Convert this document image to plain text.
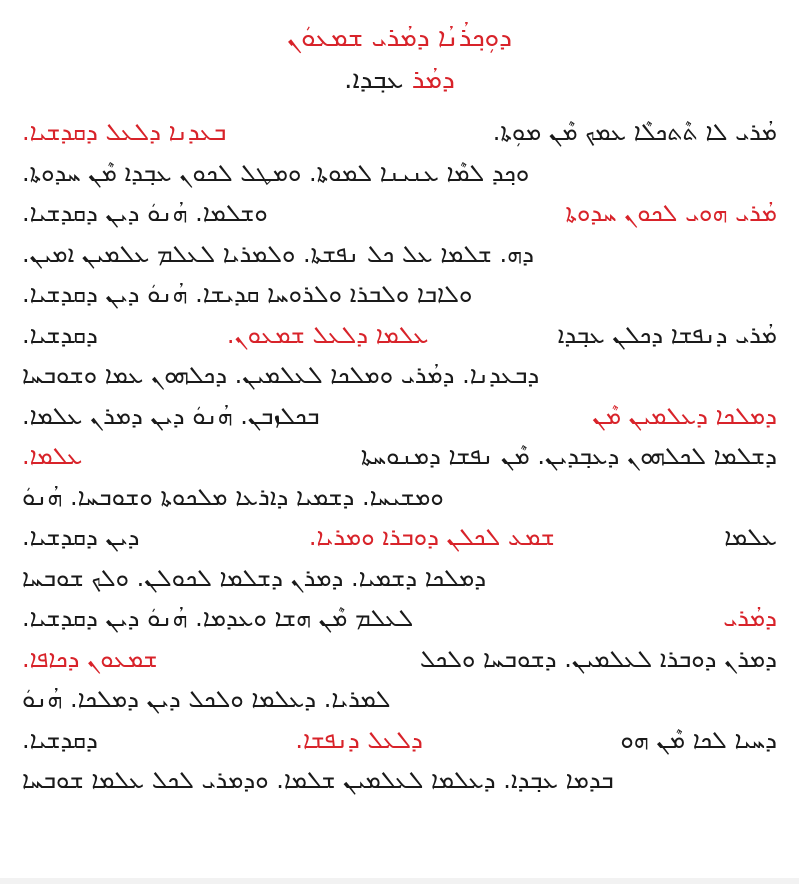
ܕܘܼܟ݂ܪܳܢܳܐ ܕܡܳܪܝ ܫܡܥܘܿܢ
ܕܡܳܪ ܥܒ݂ܕܐ.
ܒܥܕܢܐ ܕܠܥܠ ܕܩܕܫܝܐ.	ܡܳܪܝ ܠܐ ܬܶܬܟܠܶܐ ܥܡܟ ܡܶܢ ܡܘܼܬܐ.
ܘܟ݂ܕ ܠܡܶܐ ܥܢܝܢܐ ܠܡܘܬܐ. ܘܡܛܠ ܠܟܘܢ ܥܒ݂ܕܐ ܡܶܢ ܚܕܘܬܐ.
ܘܫܠܡܐ. ܗܳܢܘܿ ܕܝܢ ܕܩܕܫܝܐ.	ܡܳܪܝ ܗܘܝ ܠܟܘܢ ܚܕܘܬܐ
ܕܗ. ܫܠܡܐ ܥܠ ܟܠ ܢܦܫܬܐ. ܘܠܡܪܝܐ ܠܥܠܡ ܥܠܡܝܢ ܐܡܝܢ.
ܘܠܐܒܐ ܘܠܒܪܐ ܘܠܪܘܚܐ ܩܕܝܫܐ. ܗܳܢܘܿ ܕܝܢ ܕܩܕܫܝܐ.
ܕܩܕܫܝܐ.	ܥܠܡܐ ܕܠܥܠ ܫܡܥܘܢ.	ܡܳܪܝ ܕܢܦܫܐ ܕܟܠܢ ܥܒ݂ܕܐ
ܕܒܥܕܢܐ. ܕܡܳܪܝ ܘܡܠܟܐ ܠܥܠܡܝܢ. ܕܟܠܗܘܢ ܥܡܐ ܘܫܘܒܚܐ
ܒܟܠܙܒܢ. ܗܳܢܘܿ ܕܝܢ ܕܡܪܢ ܥܠܡܐ.	ܕܡܠܟܐ ܕܥܠܡܝܢ ܡܶܢ
ܥܠܡܐ.	ܕܫܠܡܐ ܠܟܠܗܘܢ ܕܥܒ݂ܕܝܢ. ܡܶܢ ܢܦܫܐ ܕܡܢܘܚܬܐ
ܘܡܫܝܚܐ. ܕܫܡܝܐ ܕܐܪܥܐ ܡܠܟܘܬܐ ܘܫܘܒܚܐ. ܗܳܢܘܿ
ܕܝܢ ܕܩܕܫܝܐ.	ܫܡܥ ܠܟܠܢ ܕܘܒܪܐ ܘܡܪܝܐ.	ܥܠܡܐ
ܕܡܠܟܐ ܕܫܡܝܐ. ܕܡܪܢ ܕܫܠܡܐ ܠܟܘܠܢ. ܘܠܟ ܫܘܒܚܐ
ܠܥܠܡ ܡܶܢ ܗܫܐ ܘܥܕܡܐ. ܗܳܢܘܿ ܕܝܢ ܕܩܕܫܝܐ.	ܕܡܳܪܝ
ܫܡܥܘܢ ܕܟܐܦܐ.	ܕܡܪܢ ܕܘܒܪܐ ܠܥܠܡܝܢ. ܕܫܘܒܚܐ ܘܠܟܠ
ܠܡܪܝܐ. ܕܥܠܡܐ ܘܠܟܠ ܕܝܢ ܕܡܠܟܐ. ܗܳܢܘܿ
ܕܩܕܫܝܐ.	ܕܠܥܠ ܕܢܦܫܐ.	ܕܚܝܐ ܠܟܐ ܡܶܢ ܗܘ
ܒܕܡܐ ܥܒ݂ܕܐ. ܕܥܠܡܐ ܠܥܠܡܝܢ ܫܠܡܐ. ܘܕܡܪܝ ܠܟܠ ܥܠܡܐ ܫܘܒܚܐ
